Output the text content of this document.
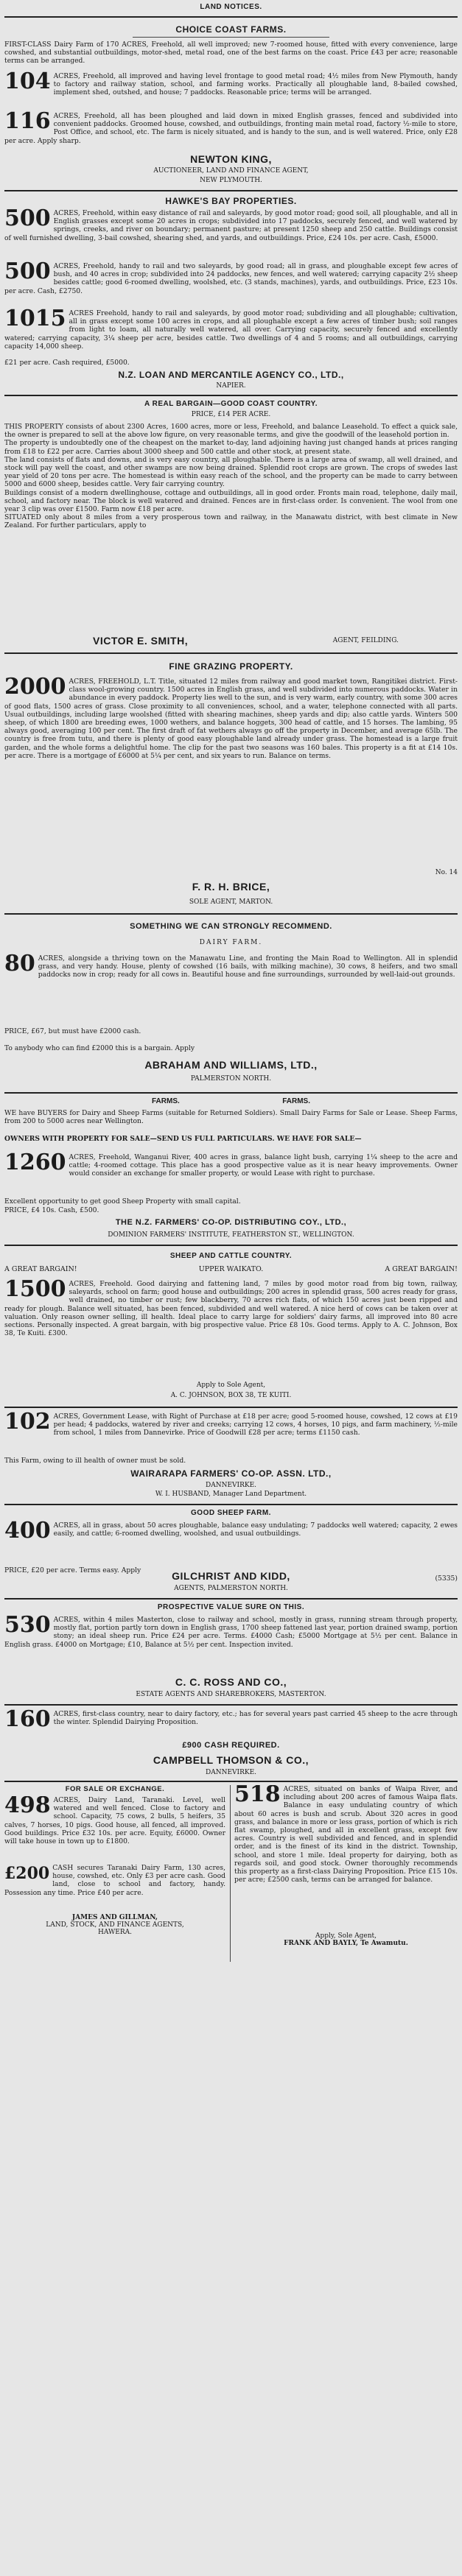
LAND NOTICES.
CHOICE COAST FARMS.
FIRST-CLASS Dairy Farm of 170 ACRES, Freehold, all well improved; new 7-roomed house, fitted with every convenience, large cowshed, and substantial outbuildings, motor-shed, metal road, one of the best farms on the coast. Price £43 per acre; reasonable terms can be arranged.
104 ACRES, Freehold, all improved and having level frontage to good metal road; 4½ miles from New Plymouth, handy to factory and railway station, school, and farming works. Practically all ploughable land, 8-bailed cowshed, implement shed, outshed, and house; 7 paddocks. Reasonable price; terms will be arranged.
116 ACRES, Freehold, all has been ploughed and laid down in mixed English grasses, fenced and subdivided into convenient paddocks. Groomed house, cowshed, and outbuildings, fronting main metal road, factory ½-mile to store, Post Office, and school, etc. The farm is nicely situated, and is handy to the sun, and is well watered. Price, only £28 per acre. Apply sharp.
NEWTON KING,
AUCTIONEER, LAND AND FINANCE AGENT,
NEW PLYMOUTH.
HAWKE'S BAY PROPERTIES.
500 ACRES, Freehold, within easy distance of rail and saleyards, by good motor road; good soil, all ploughable, and all in English grasses except some 20 acres in crops; subdivided into 17 paddocks, securely fenced, and well watered by springs, creeks, and river on boundary; permanent pasture; at present 1250 sheep and 250 cattle. Buildings consist of well furnished dwelling, 3-bail cowshed, shearing shed, and yards, and outbuildings. Price, £24 10s. per acre. Cash, £5000.
500 ACRES, Freehold, handy to rail and two saleyards, by good road; all in grass, and ploughable except few acres of bush, and 40 acres in crop; subdivided into 24 paddocks, new fences, and well watered; carrying capacity 2½ sheep besides cattle; good 6-roomed dwelling, woolshed, etc. (3 stands, machines), yards, and outbuildings. Price, £23 10s. per acre. Cash, £2750.
1015 ACRES Freehold, handy to rail and saleyards, by good motor road; subdividing and all ploughable; cultivation, all in grass except some 100 acres in crops, and all ploughable except a few acres of timber bush; soil ranges from light to loam, all naturally well watered, all over. Carrying capacity, securely fenced and excellently watered; carrying capacity, 3¼ sheep per acre, besides cattle. Two dwellings of 4 and 5 rooms; and all outbuildings, carrying capacity 14,000 sheep.
£21 per acre. Cash required, £5000.
N.Z. LOAN AND MERCANTILE AGENCY CO., LTD.,
NAPIER.
A REAL BARGAIN—GOOD COAST COUNTRY.
PRICE, £14 PER ACRE.
THIS PROPERTY consists of about 2300 Acres, 1600 acres, more or less, Freehold, and balance Leasehold. To effect a quick sale, the owner is prepared to sell at the above low figure, on very reasonable terms, and give the goodwill of the leasehold portion in.
The property is undoubtedly one of the cheapest on the market to-day, land adjoining having just changed hands at prices ranging from £18 to £22 per acre. Carries about 3000 sheep and 500 cattle and other stock, at present state.
The land consists of flats and downs, and is very easy country, all ploughable. There is a large area of swamp, all well drained, and stock will pay well the coast, and other swamps are now being drained. Splendid root crops are grown. The crops of swedes last year yield of 20 tons per acre. The homestead is within easy reach of the school, and the property can be made to carry between 5000 and 6000 sheep, besides cattle. Very fair carrying country.
Buildings consist of a modern dwellinghouse, cottage and outbuildings, all in good order. Fronts main road, telephone, daily mail, school, and factory near. The block is well watered and drained. Fences are in first-class order. Is convenient. The wool from one year 3 clip was over £1500. Farm now £18 per acre.
SITUATED only about 8 miles from a very prosperous town and railway, in the Manawatu district, with best climate in New Zealand. For further particulars, apply to
VICTOR E. SMITH,	AGENT, FEILDING.
FINE GRAZING PROPERTY.
2000 ACRES, FREEHOLD, L.T. Title, situated 12 miles from railway and good market town, Rangitikei district. First-class wool-growing country. 1500 acres in English grass, and well subdivided into numerous paddocks. Water in abundance in every paddock. Property lies well to the sun, and is very warm, early country, with some 300 acres of good flats, 1500 acres of grass. Close proximity to all conveniences, school, and a water, telephone connected with all parts. Usual outbuildings, including large woolshed (fitted with shearing machines, sheep yards and dip; also cattle yards. Winters 500 sheep, of which 1800 are breeding ewes, 1000 wethers, and balance hoggets, 300 head of cattle, and 15 horses. The lambing, 95 always good, averaging 100 per cent. The first draft of fat wethers always go off the property in December, and average 65lb. The country is free from tutu, and there is plenty of good easy ploughable land already under grass. The homestead is a large fruit garden, and the whole forms a delightful home. The clip for the past two seasons was 160 bales. This property is a fit at £14 10s. per acre. There is a mortgage of £6000 at 5¼ per cent, and six years to run. Balance on terms.
No. 14
F. R. H. BRICE,
SOLE AGENT, MARTON.
SOMETHING WE CAN STRONGLY RECOMMEND.
DAIRY FARM.
80 ACRES, alongside a thriving town on the Manawatu Line, and fronting the Main Road to Wellington. All in splendid grass, and very handy. House, plenty of cowshed (16 bails, with milking machine), 30 cows, 8 heifers, and two small paddocks now in crop; ready for all cows in. Beautiful house and fine surroundings, surrounded by well-laid-out grounds.
PRICE, £67, but must have £2000 cash.
To anybody who can find £2000 this is a bargain. Apply
ABRAHAM AND WILLIAMS, LTD.,
PALMERSTON NORTH.
FARMS.	FARMS.
WE have BUYERS for Dairy and Sheep Farms (suitable for Returned Soldiers). Small Dairy Farms for Sale or Lease. Sheep Farms, from 200 to 5000 acres near Wellington.
OWNERS WITH PROPERTY FOR SALE—SEND US FULL PARTICULARS. WE HAVE FOR SALE—
1260 ACRES, Freehold, Wanganui River, 400 acres in grass, balance light bush, carrying 1¼ sheep to the acre and cattle; 4-roomed cottage. This place has a good prospective value as it is near heavy improvements. Owner would consider an exchange for smaller property, or would Lease with right to purchase.
Excellent opportunity to get good Sheep Property with small capital.
PRICE, £4 10s. Cash, £500.
THE N.Z. FARMERS' CO-OP. DISTRIBUTING COY., LTD.,
DOMINION FARMERS' INSTITUTE, FEATHERSTON ST., WELLINGTON.
SHEEP AND CATTLE COUNTRY.
A GREAT BARGAIN!	UPPER WAIKATO.	A GREAT BARGAIN!
1500 ACRES, Freehold. Good dairying and fattening land, 7 miles by good motor road from big town, railway, saleyards, school on farm; good house and outbuildings; 200 acres in splendid grass, 500 acres ready for grass, well drained, no timber or rust; few blackberry, 70 acres rich flats, of which 150 acres just been ripped and ready for plough. Balance well situated, has been fenced, subdivided and well watered. A nice herd of cows can be taken over at valuation. Only reason owner selling, ill health. Ideal place to carry large for soldiers' dairy farms, all improved into 80 acre sections. Personally inspected. A great bargain, with big prospective value. Price £8 10s. Good terms. Apply to A. C. Johnson, Box 38, Te Kuiti. £300.
Apply to Sole Agent,
A. C. JOHNSON, BOX 38, TE KUITI.
102 ACRES, Government Lease, with Right of Purchase at £18 per acre; good 5-roomed house, cowshed, 12 cows at £19 per head; 4 paddocks, watered by river and creeks; carrying 12 cows, 4 horses, 10 pigs, and farm machinery, ½-mile from school, 1 miles from Dannevirke. Price of Goodwill £28 per acre; terms £1150 cash.
This Farm, owing to ill health of owner must be sold.
WAIRARAPA FARMERS' CO-OP. ASSN. LTD.,
DANNEVIRKE.
W. I. HUSBAND, Manager Land Department.
GOOD SHEEP FARM.
400 ACRES, all in grass, about 50 acres ploughable, balance easy undulating; 7 paddocks well watered; capacity, 2 ewes easily, and cattle; 6-roomed dwelling, woolshed, and usual outbuildings.

PRICE, £20 per acre. Terms easy. Apply

(5335)

GILCHRIST AND KIDD,
AGENTS, PALMERSTON NORTH.
PROSPECTIVE VALUE SURE ON THIS.
530 ACRES, within 4 miles Masterton, close to railway and school, mostly in grass, running stream through property, mostly flat, portion partly torn down in English grass, 1700 sheep fattened last year, portion drained swamp, portion stony; an ideal sheep run. Price £24 per acre. Terms. £4000 Cash; £5000 Mortgage at 5½ per cent. Balance in English grass. £4000 on Mortgage; £10, Balance at 5½ per cent. Inspection invited.
C. C. ROSS AND CO.,
ESTATE AGENTS AND SHAREBROKERS, MASTERTON.
160 ACRES, first-class country, near to dairy factory, etc.; has for several years past carried 45 sheep to the acre through the winter. Splendid Dairying Proposition.
£900 CASH REQUIRED.
CAMPBELL THOMSON & CO.,
DANNEVIRKE.
FOR SALE OR EXCHANGE.
498 ACRES, Dairy Land, Taranaki. Level, well watered and well fenced. Close to factory and school. Capacity, 75 cows, 2 bulls, 5 heifers, 35 calves, 7 horses, 10 pigs. Good house, all fenced, all improved. Good buildings. Price £32 10s. per acre. Equity, £6000. Owner will take house in town up to £1800.
£200 CASH secures Taranaki Dairy Farm, 130 acres, house, cowshed, etc. Only £3 per acre cash. Good land, close to school and factory, handy. Possession any time. Price £40 per acre.
JAMES AND GILLMAN,
LAND, STOCK, AND FINANCE AGENTS,
HAWERA.
518 ACRES, situated on banks of Waipa River, and including about 200 acres of famous Waipa flats. Balance in easy undulating country of which about 60 acres is bush and scrub. About 320 acres in good grass, and balance in more or less grass, portion of which is rich flat swamp, ploughed, and all in excellent grass, except few acres. Country is well subdivided and fenced, and in splendid order, and is the finest of its kind in the district. Township, school, and store 1 mile. Ideal property for dairying, both as regards soil, and good stock. Owner thoroughly recommends this property as a first-class Dairying Proposition. Price £15 10s. per acre; £2500 cash, terms can be arranged for balance.
Apply, Sole Agent,
FRANK AND BAYLY, Te Awamutu.
